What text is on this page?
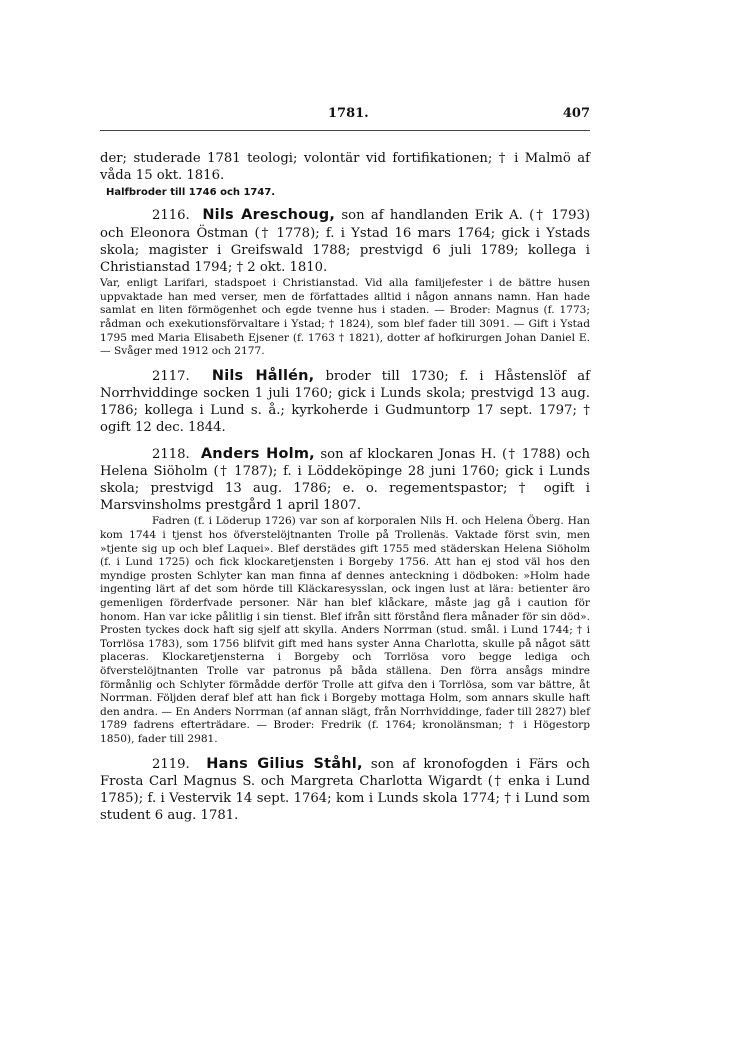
1781.	407

der; studerade 1781 teologi; volontär vid fortifikationen; † i Malmö af våda 15 okt. 1816.

Halfbroder till 1746 och 1747.

2116. Nils Areschoug, son af handlanden Erik A. († 1793) och Eleonora Östman († 1778); f. i Ystad 16 mars 1764; gick i Ystads skola; magister i Greifswald 1788; prestvigd 6 juli 1789; kollega i Christianstad 1794; † 2 okt. 1810.

Var, enligt Larifari, stadspoet i Christianstad. Vid alla familjefester i de bättre husen uppvaktade han med verser, men de författades alltid i någon annans namn. Han hade samlat en liten förmögenhet och egde tvenne hus i staden. — Broder: Magnus (f. 1773; rådman och exekutionsförvaltare i Ystad; † 1824), som blef fader till 3091. — Gift i Ystad 1795 med Maria Elisabeth Ejsener (f. 1763 † 1821), dotter af hofkirurgen Johan Daniel E. — Svåger med 1912 och 2177.

2117. Nils Hållén, broder till 1730; f. i Håstenslöf af Norrhviddinge socken 1 juli 1760; gick i Lunds skola; prestvigd 13 aug. 1786; kollega i Lund s. å.; kyrkoherde i Gudmuntorp 17 sept. 1797; † ogift 12 dec. 1844.

2118. Anders Holm, son af klockaren Jonas H. († 1788) och Helena Siöholm († 1787); f. i Löddeköpinge 28 juni 1760; gick i Lunds skola; prestvigd 13 aug. 1786; e. o. regementspastor; † ogift i Marsvinsholms prestgård 1 april 1807.

Fadren (f. i Löderup 1726) var son af korporalen Nils H. och Helena Öberg. Han kom 1744 i tjenst hos öfverstelöjtnanten Trolle på Trollenäs. Vaktade först svin, men »tjente sig up och blef Laquei». Blef derstädes gift 1755 med städerskan Helena Siöholm (f. i Lund 1725) och fick klockaretjensten i Borgeby 1756. Att han ej stod väl hos den myndige prosten Schlyter kan man finna af dennes anteckning i dödboken: »Holm hade ingenting lärt af det som hörde till Kläckaresysslan, ock ingen lust at lära: betienter äro gemenligen förderfvade personer. När han blef klåckare, måste jag gå i caution för honom. Han var icke pålitlig i sin tienst. Blef ifrån sitt förstånd flera månader för sin död». Prosten tyckes dock haft sig sjelf att skylla. Anders Norrman (stud. smål. i Lund 1744; † i Torrlösa 1783), som 1756 blifvit gift med hans syster Anna Charlotta, skulle på något sätt placeras. Klockaretjensterna i Borgeby och Torrlösa voro begge lediga och öfverstelöjtnanten Trolle var patronus på båda ställena. Den förra ansågs mindre förmånlig och Schlyter förmådde derför Trolle att gifva den i Torrlösa, som var bättre, åt Norrman. Följden deraf blef att han fick i Borgeby mottaga Holm, som annars skulle haft den andra. — En Anders Norrman (af annan slägt, från Norrhviddinge, fader till 2827) blef 1789 fadrens efterträdare. — Broder: Fredrik (f. 1764; kronolänsman; † i Högestorp 1850), fader till 2981.

2119. Hans Gilius Ståhl, son af kronofogden i Färs och Frosta Carl Magnus S. och Margreta Charlotta Wigardt († enka i Lund 1785); f. i Vestervik 14 sept. 1764; kom i Lunds skola 1774; † i Lund som student 6 aug. 1781.
